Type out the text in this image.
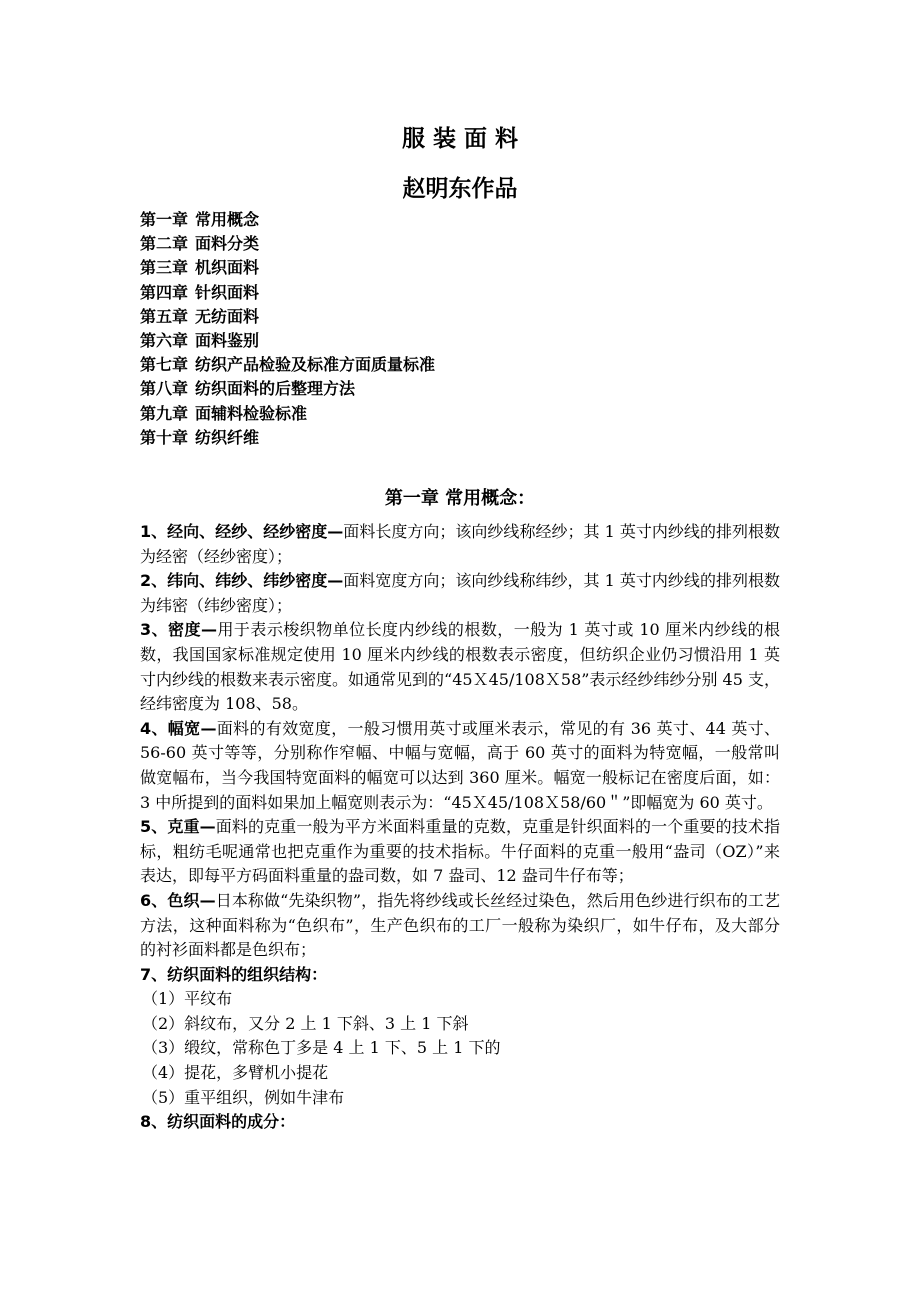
服 装 面 料
赵明东作品
第一章 常用概念
第二章 面料分类
第三章 机织面料
第四章 针织面料
第五章 无纺面料
第六章 面料鉴别
第七章 纺织产品检验及标准方面质量标准
第八章 纺织面料的后整理方法
第九章 面辅料检验标准
第十章 纺织纤维
第一章 常用概念：
1、经向、经纱、经纱密度—面料长度方向；该向纱线称经纱；其 1 英寸内纱线的排列根数为经密（经纱密度）；
2、纬向、纬纱、纬纱密度—面料宽度方向；该向纱线称纬纱，其 1 英寸内纱线的排列根数为纬密（纬纱密度）；
3、密度—用于表示梭织物单位长度内纱线的根数，一般为 1 英寸或 10 厘米内纱线的根数，我国国家标准规定使用 10 厘米内纱线的根数表示密度，但纺织企业仍习惯沿用 1 英寸内纱线的根数来表示密度。如通常见到的“45Ｘ45/108Ｘ58”表示经纱纬纱分别 45 支，经纬密度为 108、58。
4、幅宽—面料的有效宽度，一般习惯用英寸或厘米表示，常见的有 36 英寸、44 英寸、56-60 英寸等等，分别称作窄幅、中幅与宽幅，高于 60 英寸的面料为特宽幅，一般常叫做宽幅布，当今我国特宽面料的幅宽可以达到 360 厘米。幅宽一般标记在密度后面，如：3 中所提到的面料如果加上幅宽则表示为：“45Ｘ45/108Ｘ58/60＂”即幅宽为 60 英寸。
5、克重—面料的克重一般为平方米面料重量的克数，克重是针织面料的一个重要的技术指标，粗纺毛呢通常也把克重作为重要的技术指标。牛仔面料的克重一般用“盎司（OZ）”来表达，即每平方码面料重量的盎司数，如 7 盎司、12 盎司牛仔布等；
6、色织—日本称做“先染织物”，指先将纱线或长丝经过染色，然后用色纱进行织布的工艺方法，这种面料称为“色织布”，生产色织布的工厂一般称为染织厂，如牛仔布，及大部分的衬衫面料都是色织布；
7、纺织面料的组织结构：
（1）平纹布
（2）斜纹布，又分 2 上 1 下斜、3 上 1 下斜
（3）缎纹，常称色丁多是 4 上 1 下、5 上 1 下的
（4）提花，多臂机小提花
（5）重平组织，例如牛津布
8、纺织面料的成分：
